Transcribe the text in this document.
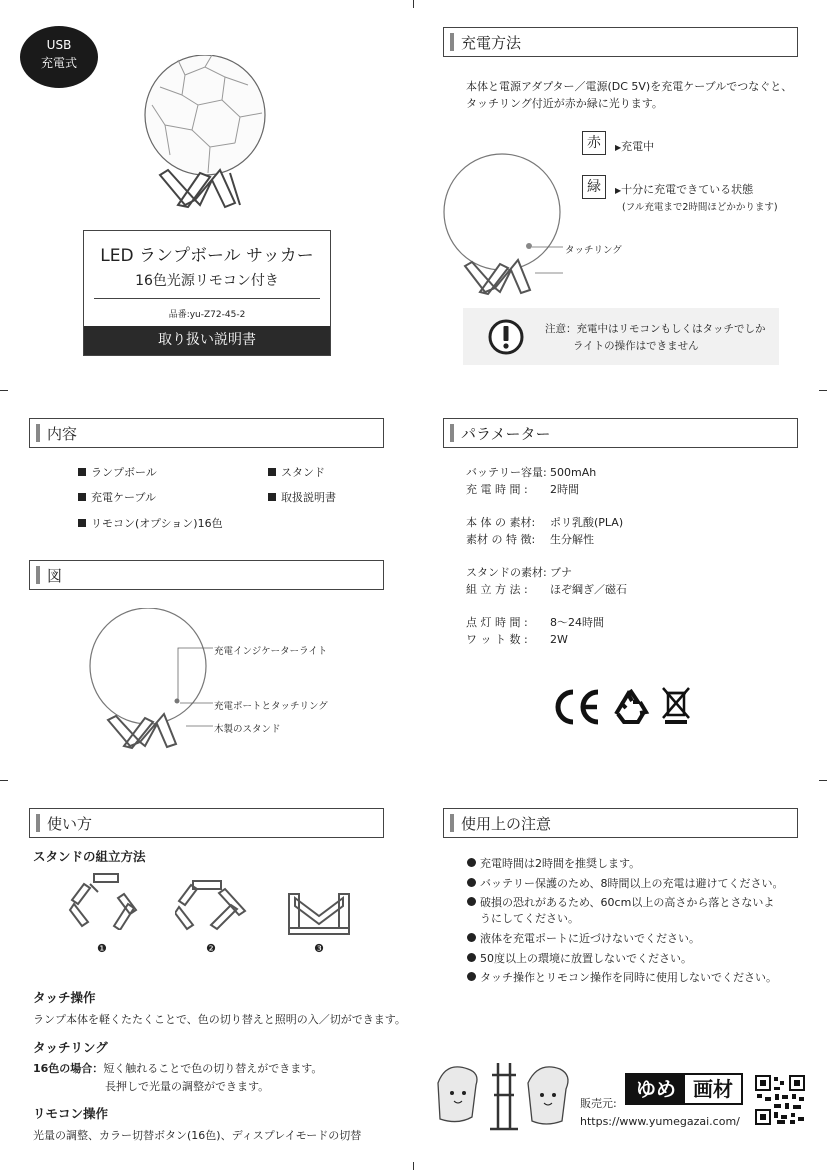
USB
充電式
LED ランプボール サッカー
16色光源リモコン付き
品番:yu-Z72-45-2
取り扱い説明書
充電方法
本体と電源アダプター／電源(DC 5V)を充電ケーブルでつなぐと、
タッチリング付近が赤か緑に光ります。
赤	▶充電中
緑	▶十分に充電できている状態
(フル充電まで2時間ほどかかります)
タッチリング
注意：充電中はリモコンもしくはタッチでしか
ライトの操作はできません
内容
ランプボール	スタンド
充電ケーブル	取扱説明書
リモコン(オプション)16色
図
充電インジケーターライト
充電ポートとタッチリング
木製のスタンド
パラメーター
バッテリー容量: 500mAh
充 電 時 間 : 2時間
本 体 の 素材: ポリ乳酸(PLA)
素材 の 特 徴: 生分解性
スタンドの素材: ブナ
組 立 方 法 : ほぞ綱ぎ／磁石
点 灯 時 間 : 8〜24時間
ワ ッ ト 数 : 2W
使い方
スタンドの組立方法
❶	❷	❸
タッチ操作
ランプ本体を軽くたたくことで、色の切り替えと照明の入／切ができます。
タッチリング
16色の場合：短く触れることで色の切り替えができます。
長押しで光量の調整ができます。
リモコン操作
光量の調整、カラー切替ボタン(16色)、ディスプレイモードの切替
使用上の注意
充電時間は2時間を推奨します。
バッテリー保護のため、8時間以上の充電は避けてください。
破損の恐れがあるため、60cm以上の高さから落とさないよ
うにしてください。
液体を充電ポートに近づけないでください。
50度以上の環境に放置しないでください。
タッチ操作とリモコン操作を同時に使用しないでください。
販売元:
ゆめ 画材
https://www.yumegazai.com/
